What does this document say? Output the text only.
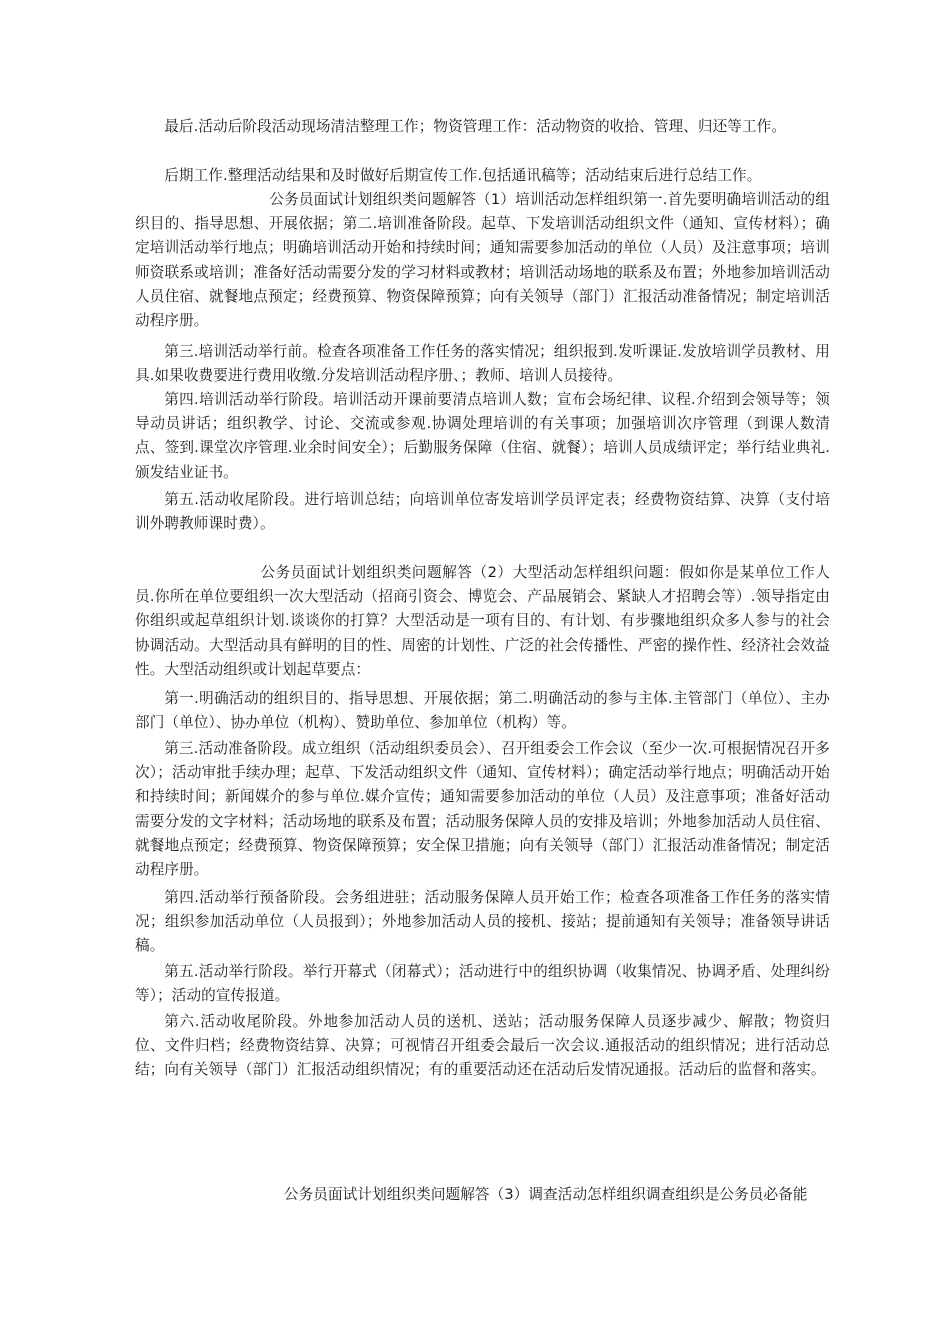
最后.活动后阶段活动现场清洁整理工作；物资管理工作：活动物资的收拾、管理、归还等工作。

后期工作.整理活动结果和及时做好后期宣传工作.包括通讯稿等；活动结束后进行总结工作。

公务员面试计划组织类问题解答（1）培训活动怎样组织第一.首先要明确培训活动的组织目的、指导思想、开展依据；第二.培训准备阶段。起草、下发培训活动组织文件（通知、宣传材料）；确定培训活动举行地点；明确培训活动开始和持续时间；通知需要参加活动的单位（人员）及注意事项；培训师资联系或培训；准备好活动需要分发的学习材料或教材；培训活动场地的联系及布置；外地参加培训活动人员住宿、就餐地点预定；经费预算、物资保障预算；向有关领导（部门）汇报活动准备情况；制定培训活动程序册。

第三.培训活动举行前。检查各项准备工作任务的落实情况；组织报到.发听课证.发放培训学员教材、用具.如果收费要进行费用收缴.分发培训活动程序册、；教师、培训人员接待。

第四.培训活动举行阶段。培训活动开课前要清点培训人数；宣布会场纪律、议程.介绍到会领导等；领导动员讲话；组织教学、讨论、交流或参观.协调处理培训的有关事项；加强培训次序管理（到课人数清点、签到.课堂次序管理.业余时间安全）；后勤服务保障（住宿、就餐）；培训人员成绩评定；举行结业典礼.颁发结业证书。

第五.活动收尾阶段。进行培训总结；向培训单位寄发培训学员评定表；经费物资结算、决算（支付培训外聘教师课时费）。

公务员面试计划组织类问题解答（2）大型活动怎样组织问题：假如你是某单位工作人员.你所在单位要组织一次大型活动（招商引资会、博览会、产品展销会、紧缺人才招聘会等）.领导指定由你组织或起草组织计划.谈谈你的打算？大型活动是一项有目的、有计划、有步骤地组织众多人参与的社会协调活动。大型活动具有鲜明的目的性、周密的计划性、广泛的社会传播性、严密的操作性、经济社会效益性。大型活动组织或计划起草要点：

第一.明确活动的组织目的、指导思想、开展依据；第二.明确活动的参与主体.主管部门（单位）、主办部门（单位）、协办单位（机构）、赞助单位、参加单位（机构）等。

第三.活动准备阶段。成立组织（活动组织委员会）、召开组委会工作会议（至少一次.可根据情况召开多次）；活动审批手续办理；起草、下发活动组织文件（通知、宣传材料）；确定活动举行地点；明确活动开始和持续时间；新闻媒介的参与单位.媒介宣传；通知需要参加活动的单位（人员）及注意事项；准备好活动需要分发的文字材料；活动场地的联系及布置；活动服务保障人员的安排及培训；外地参加活动人员住宿、就餐地点预定；经费预算、物资保障预算；安全保卫措施；向有关领导（部门）汇报活动准备情况；制定活动程序册。

第四.活动举行预备阶段。会务组进驻；活动服务保障人员开始工作；检查各项准备工作任务的落实情况；组织参加活动单位（人员报到）；外地参加活动人员的接机、接站；提前通知有关领导；准备领导讲话稿。

第五.活动举行阶段。举行开幕式（闭幕式）；活动进行中的组织协调（收集情况、协调矛盾、处理纠纷等）；活动的宣传报道。

第六.活动收尾阶段。外地参加活动人员的送机、送站；活动服务保障人员逐步减少、解散；物资归位、文件归档；经费物资结算、决算；可视情召开组委会最后一次会议.通报活动的组织情况；进行活动总结；向有关领导（部门）汇报活动组织情况；有的重要活动还在活动后发情况通报。活动后的监督和落实。

公务员面试计划组织类问题解答（3）调查活动怎样组织调查组织是公务员必备能
